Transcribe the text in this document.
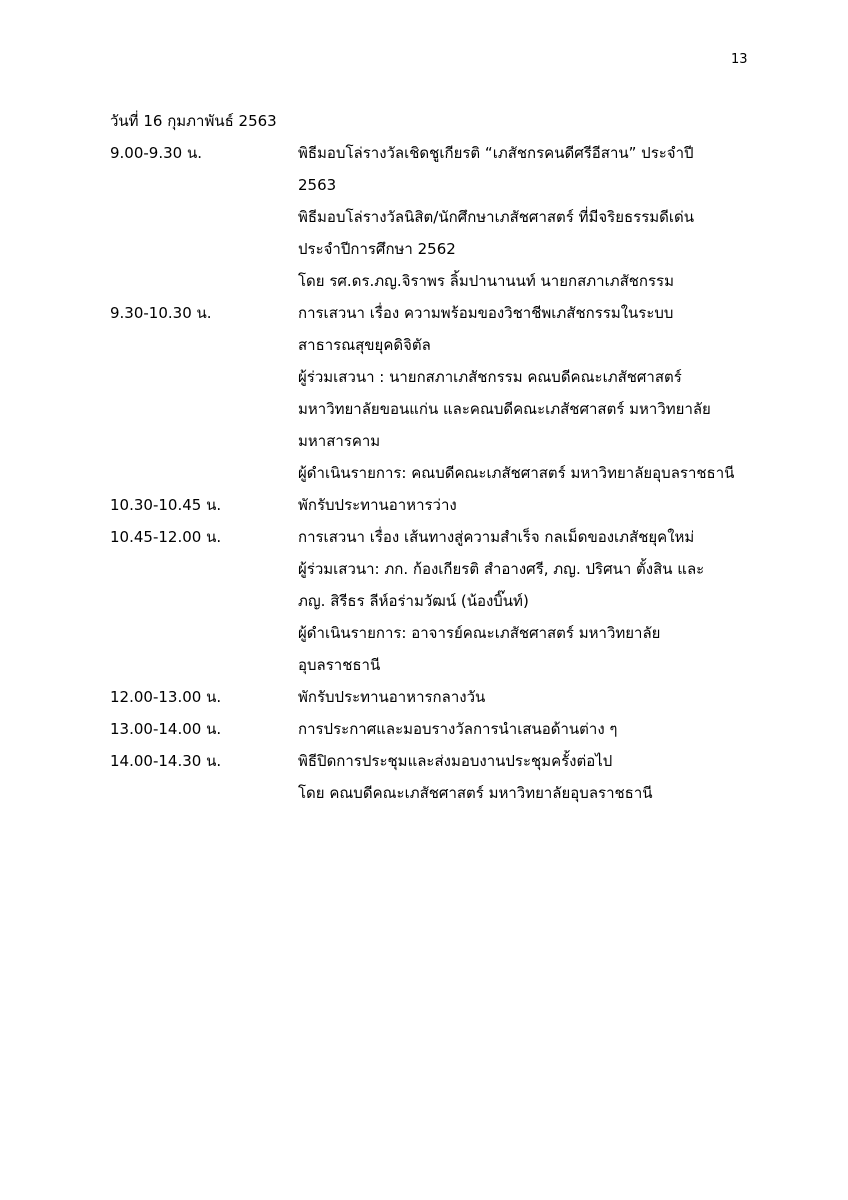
13
วันที่ 16 กุมภาพันธ์ 2563
9.00-9.30 น.	พิธีมอบโล่รางวัลเชิดชูเกียรติ “เภสัชกรคนดีศรีอีสาน” ประจำปี
2563
พิธีมอบโล่รางวัลนิสิต/นักศึกษาเภสัชศาสตร์ ที่มีจริยธรรมดีเด่น
ประจำปีการศึกษา 2562
โดย รศ.ดร.ภญ.จิราพร ลิ้มปานานนท์ นายกสภาเภสัชกรรม
9.30-10.30 น.	การเสวนา เรื่อง ความพร้อมของวิชาชีพเภสัชกรรมในระบบ
สาธารณสุขยุคดิจิตัล
ผู้ร่วมเสวนา : นายกสภาเภสัชกรรม คณบดีคณะเภสัชศาสตร์
มหาวิทยาลัยขอนแก่น และคณบดีคณะเภสัชศาสตร์ มหาวิทยาลัย
มหาสารคาม
ผู้ดำเนินรายการ: คณบดีคณะเภสัชศาสตร์ มหาวิทยาลัยอุบลราชธานี
10.30-10.45 น.	พักรับประทานอาหารว่าง
10.45-12.00 น.	การเสวนา เรื่อง เส้นทางสู่ความสำเร็จ กลเม็ดของเภสัชยุคใหม่
ผู้ร่วมเสวนา: ภก. ก้องเกียรติ สำอางศรี, ภญ. ปริศนา ตั้งสิน และ
ภญ. สิรีธร ลีห์อร่ามวัฒน์ (น้องบิ๊นท์)
ผู้ดำเนินรายการ: อาจารย์คณะเภสัชศาสตร์ มหาวิทยาลัย
อุบลราชธานี
12.00-13.00 น.	พักรับประทานอาหารกลางวัน
13.00-14.00 น.	การประกาศและมอบรางวัลการนำเสนอด้านต่าง ๆ
14.00-14.30 น.	พิธีปิดการประชุมและส่งมอบงานประชุมครั้งต่อไป
โดย คณบดีคณะเภสัชศาสตร์ มหาวิทยาลัยอุบลราชธานี
